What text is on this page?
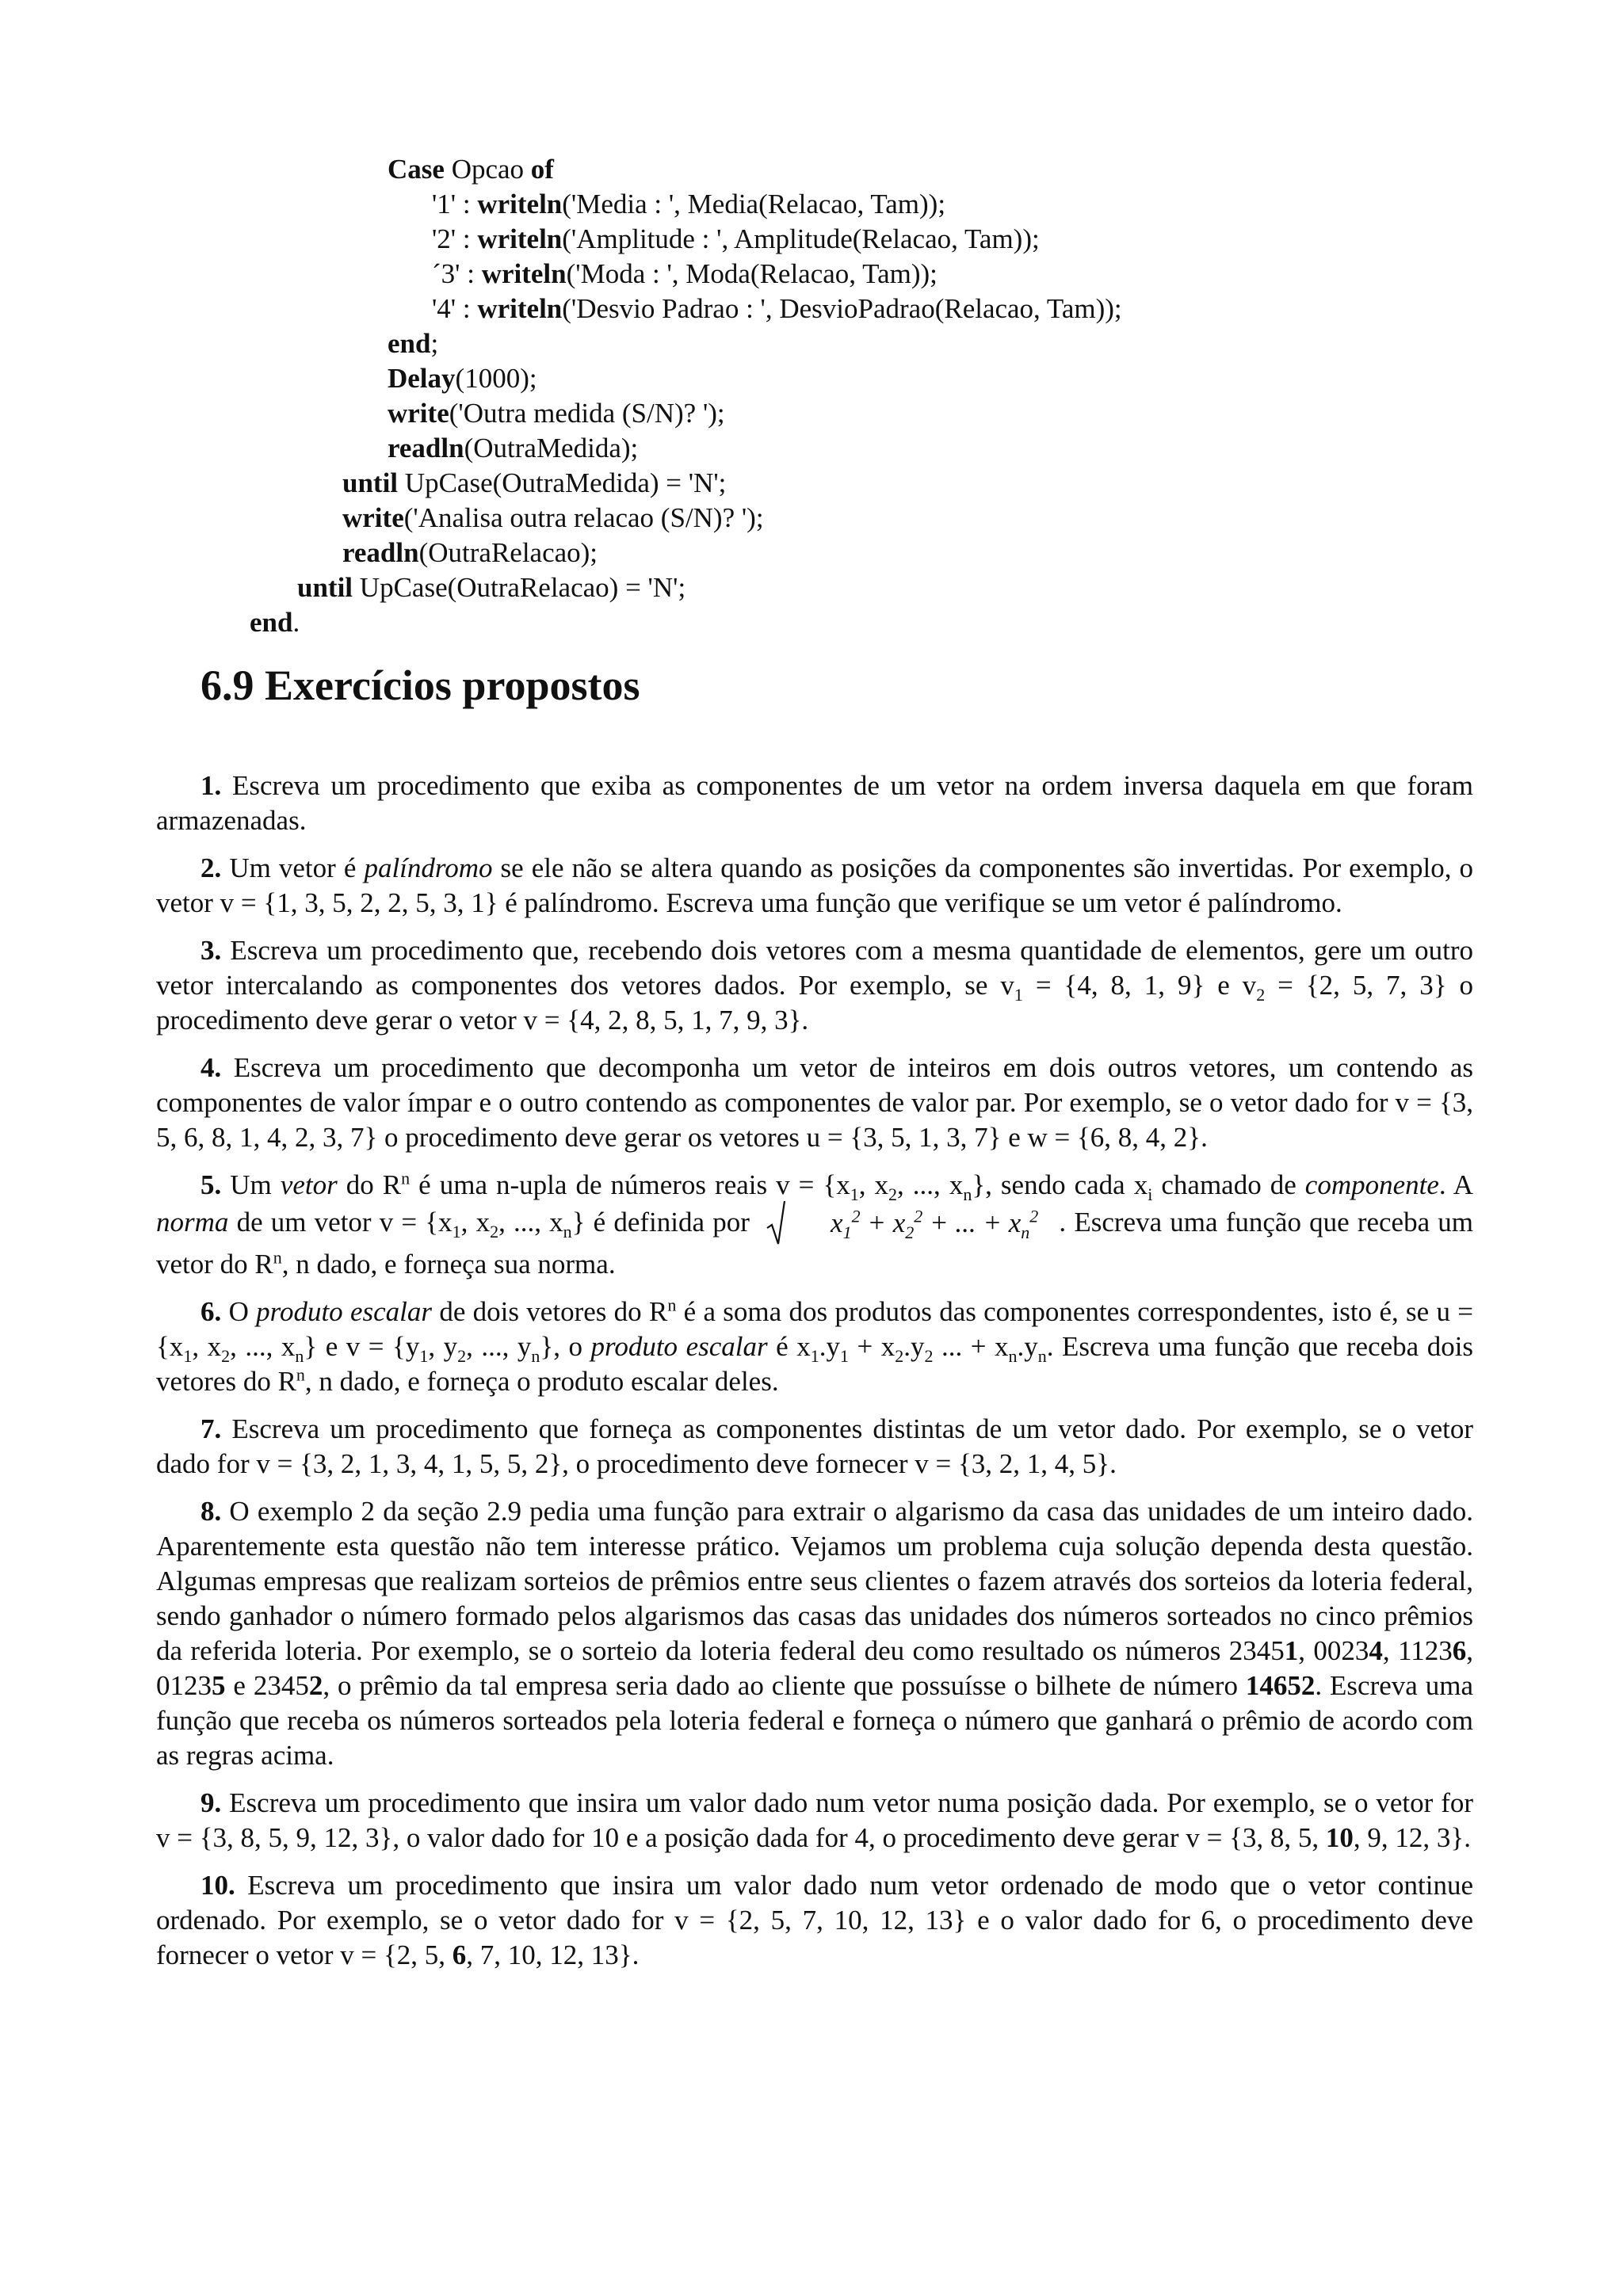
Case Opcao of
'1' : writeln('Media : ', Media(Relacao, Tam));
'2' : writeln('Amplitude : ', Amplitude(Relacao, Tam));
´3' : writeln('Moda : ', Moda(Relacao, Tam));
'4' : writeln('Desvio Padrao : ', DesvioPadrao(Relacao, Tam));
end;
Delay(1000);
write('Outra medida (S/N)? ');
readln(OutraMedida);
until UpCase(OutraMedida) = 'N';
write('Analisa outra relacao (S/N)? ');
readln(OutraRelacao);
until UpCase(OutraRelacao) = 'N';
end.
6.9 Exercícios propostos

1. Escreva um procedimento que exiba as componentes de um vetor na ordem inversa daquela em que foram armazenadas.

2. Um vetor é palíndromo se ele não se altera quando as posições da componentes são invertidas. Por exemplo, o vetor v = {1, 3, 5, 2, 2, 5, 3, 1} é palíndromo. Escreva uma função que verifique se um vetor é palíndromo.

3. Escreva um procedimento que, recebendo dois vetores com a mesma quantidade de elementos, gere um outro vetor intercalando as componentes dos vetores dados. Por exemplo, se $v_1 = \{4$, 8, 1, 9} e $v_2 = \{2$, 5, 7, 3} o procedimento deve gerar o vetor v = {4, 2, 8, 5, 1, 7, 9, 3}.

4. Escreva um procedimento que decomponha um vetor de inteiros em dois outros vetores, um contendo as componentes de valor ímpar e o outro contendo as componentes de valor par. Por exemplo, se o vetor dado for v = {3, 5, 6, 8, 1, 4, 2, 3, 7} o procedimento deve gerar os vetores u = {3, 5, 1, 3, 7} e w = {6, 8, 4, 2}.

5. Um vetor do $R^n$ é uma n-upla de números reais $v = \{x_1$, $x_2$, ..., $x_n$}, sendo cada $x_i$ chamado de componente. A norma de um vetor $v = \{x_1$, $x_2$, ..., $x_n$} é definida por	$x_1^2 + x_2^2$ + ... + $x_n^2$ . Escreva uma função que receba um vetor do $R^n$, n dado, e forneça sua norma.

6. O produto escalar de dois vetores do $R^n$ é a soma dos produtos das componentes correspondentes, isto é, se $u = \{x_1$, $x_2$, ..., $x_n$} e $v = \{y_1$, $y_2$, ..., $y_n$}, o produto escalar é $x_1.y_1 + x_2.y_2$ ... + $x_n.y_n$. Escreva uma função que receba dois vetores do $R^n$, n dado, e forneça o produto escalar deles.

7. Escreva um procedimento que forneça as componentes distintas de um vetor dado. Por exemplo, se o vetor dado for v = {3, 2, 1, 3, 4, 1, 5, 5, 2}, o procedimento deve fornecer v = {3, 2, 1, 4, 5}.

8. O exemplo 2 da seção 2.9 pedia uma função para extrair o algarismo da casa das unidades de um inteiro dado. Aparentemente esta questão não tem interesse prático. Vejamos um problema cuja solução dependa desta questão. Algumas empresas que realizam sorteios de prêmios entre seus clientes o fazem através dos sorteios da loteria federal, sendo ganhador o número formado pelos algarismos das casas das unidades dos números sorteados no cinco prêmios da referida loteria. Por exemplo, se o sorteio da loteria federal deu como resultado os números 23451, 00234, 11236, 01235 e 23452, o prêmio da tal empresa seria dado ao cliente que possuísse o bilhete de número 14652. Escreva uma função que receba os números sorteados pela loteria federal e forneça o número que ganhará o prêmio de acordo com as regras acima.

9. Escreva um procedimento que insira um valor dado num vetor numa posição dada. Por exemplo, se o vetor for v = {3, 8, 5, 9, 12, 3}, o valor dado for 10 e a posição dada for 4, o procedimento deve gerar v = {3, 8, 5, 10, 9, 12, 3}.

10. Escreva um procedimento que insira um valor dado num vetor ordenado de modo que o vetor continue ordenado. Por exemplo, se o vetor dado for v = {2, 5, 7, 10, 12, 13} e o valor dado for 6, o procedimento deve fornecer o vetor v = {2, 5, 6, 7, 10, 12, 13}.
